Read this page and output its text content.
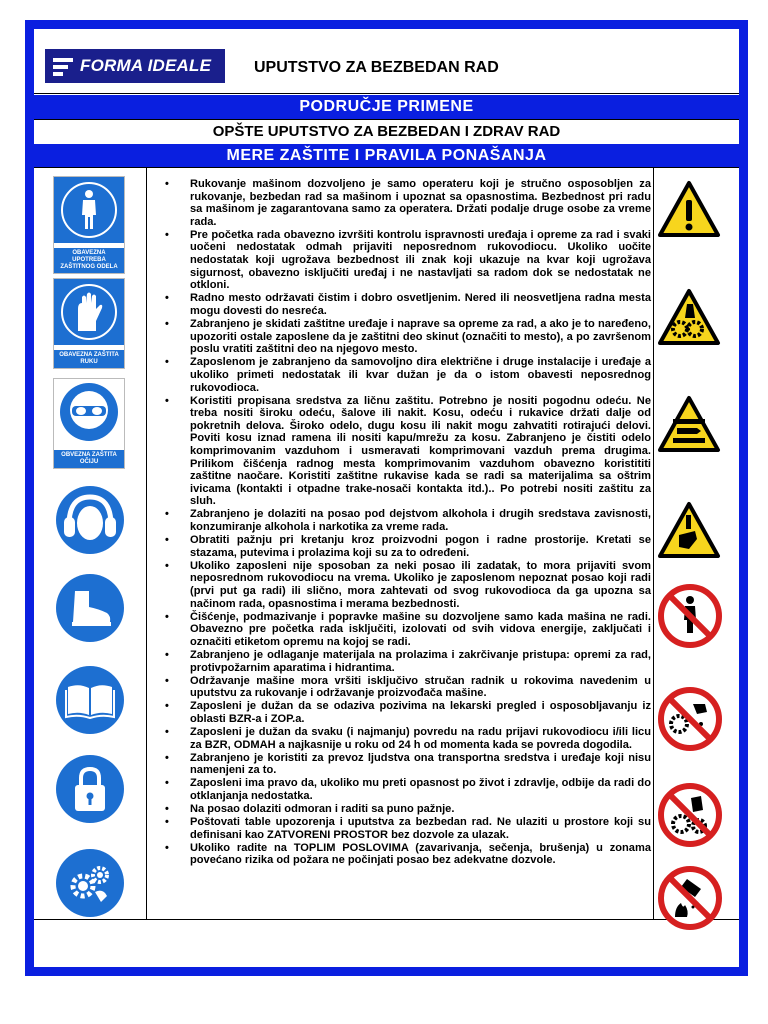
FORMA IDEALE	UPUTSTVO ZA BEZBEDAN RAD
PODRUČJE PRIMENE
OPŠTE UPUTSTVO ZA BEZBEDAN I ZDRAV RAD
MERE ZAŠTITE I PRAVILA PONAŠANJA
OBAVEZNA UPOTREBA ZAŠTITNOG ODELA
OBAVEZNA ZAŠTITA RUKU
OBVEZNA ZAŠTITA OČIJU
• Rukovanje mašinom dozvoljeno je samo operateru koji je stručno osposobljen za rukovanje, bezbedan rad sa mašinom i upoznat sa opasnostima. Bezbednost pri radu sa mašinom je zagarantovana samo za operatera. Držati podalje druge osobe za vreme rada.
• Pre početka rada obavezno izvršiti kontrolu ispravnosti uređaja i opreme za rad i svaki uočeni nedostatak odmah prijaviti neposrednom rukovodiocu. Ukoliko uočite nedostatak koji ugrožava bezbednost ili znak koji ukazuje na kvar koji ugrožava sigurnost, obavezno isključiti uređaj i ne nastavljati sa radom dok se nedostatak ne otkloni.
• Radno mesto održavati čistim i dobro osvetljenim. Nered ili neosvetljena radna mesta mogu dovesti do nesreća.
• Zabranjeno je skidati zaštitne uređaje i naprave sa opreme za rad, a ako je to naređeno, upozoriti ostale zaposlene da je zaštitni deo skinut (označiti to mesto), a po završenom poslu vratiti zaštitni deo na njegovo mesto.
• Zaposlenom je zabranjeno da samovoljno dira električne i druge instalacije i uređaje a ukoliko primeti nedostatak ili kvar dužan je da o istom obavesti neposrednog rukovodioca.
• Koristiti propisana sredstva za ličnu zaštitu. Potrebno je nositi pogodnu odeću. Ne treba nositi široku odeću, šalove ili nakit. Kosu, odeću i rukavice držati dalje od pokretnih delova. Široko odelo, dugu kosu ili nakit mogu zahvatiti rotirajući delovi. Poviti kosu iznad ramena ili nositi kapu/mrežu za kosu. Zabranjeno je čistiti odelo komprimovanim vazduhom i usmeravati komprimovani vazduh prema drugima. Prilikom čišćenja radnog mesta komprimovanim vazduhom obavezno koristititi zaštitne naočare. Koristiti zaštitne rukavise kada se radi sa materijalima sa oštrim ivicama (kontakti i otpadne trake-nosači kontakta itd.).. Po potrebi nositi zaštitu za sluh.
• Zabranjeno je dolaziti na posao pod dejstvom alkohola i drugih sredstava zavisnosti, konzumiranje alkohola i narkotika za vreme rada.
• Obratiti pažnju pri kretanju kroz proizvodni pogon i radne prostorije. Kretati se stazama, putevima i prolazima koji su za to određeni.
• Ukoliko zaposleni nije sposoban za neki posao ili zadatak, to mora prijaviti svom neposrednom rukovodiocu na vrema. Ukoliko je zaposlenom nepoznat posao koji radi (prvi put ga radi) ili slično, mora zahtevati od svog rukovodioca da ga upozna sa načinom rada, opasnostima i merama bezbednosti.
• Čišćenje, podmazivanje i popravke mašine su dozvoljene samo kada mašina ne radi. Obavezno pre početka rada isključiti, izolovati od svih vidova energije, zaključati i označiti etiketom opremu na kojoj se radi.
• Zabranjeno je odlaganje materijala na prolazima i zakrčivanje pristupa: opremi za rad, protivpožarnim aparatima i hidrantima.
• Održavanje mašine mora vršiti isključivo stručan radnik u rokovima navedenim u uputstvu za rukovanje i održavanje proizvođača mašine.
• Zaposleni je dužan da se odaziva pozivima na lekarski pregled i osposobljavanju iz oblasti BZR-a i ZOP.a.
• Zaposleni je dužan da svaku (i najmanju) povredu na radu prijavi rukovodiocu i/ili licu za BZR, ODMAH a najkasnije u roku od 24 h od momenta kada se povreda dogodila.
• Zabranjeno je koristiti za prevoz ljudstva ona transportna sredstva i uređaje koji nisu namenjeni za to.
• Zaposleni ima pravo da, ukoliko mu preti opasnost po život i zdravlje, odbije da radi do otklanjanja nedostatka.
• Na posao dolaziti odmoran i raditi sa puno pažnje.
• Poštovati table upozorenja i uputstva za bezbedan rad. Ne ulaziti u prostore koji su definisani kao ZATVORENI PROSTOR bez dozvole za ulazak.
• Ukoliko radite na TOPLIM POSLOVIMA (zavarivanja, sečenja, brušenja) u zonama povećano rizika od požara ne počinjati posao bez adekvatne dozvole.
